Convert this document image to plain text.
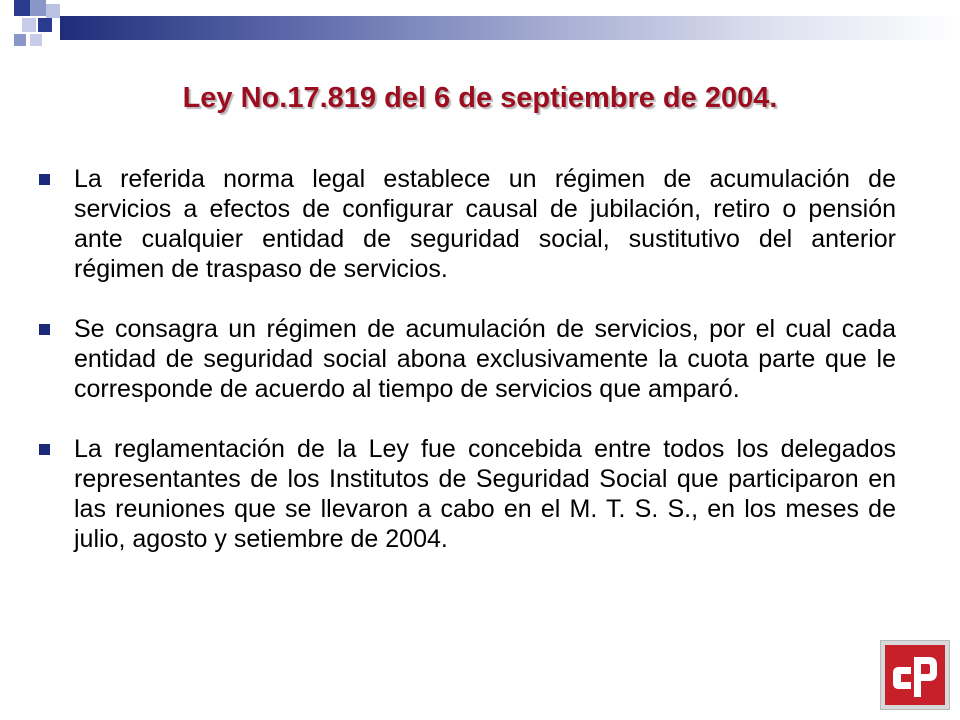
Ley No.17.819 del 6 de septiembre de 2004.
La referida norma legal establece un régimen de acumulación de servicios a efectos de configurar causal de jubilación, retiro o pensión ante cualquier entidad de seguridad social, sustitutivo del anterior régimen de traspaso de servicios.
Se consagra un régimen de acumulación de servicios, por el cual cada entidad de seguridad social abona exclusivamente la cuota parte que le corresponde de acuerdo al tiempo de servicios que amparó.
La reglamentación de la Ley fue concebida entre todos los delegados representantes de los Institutos de Seguridad Social que participaron en las reuniones que se llevaron a cabo en el M. T. S. S., en los meses de julio, agosto y setiembre de 2004.
